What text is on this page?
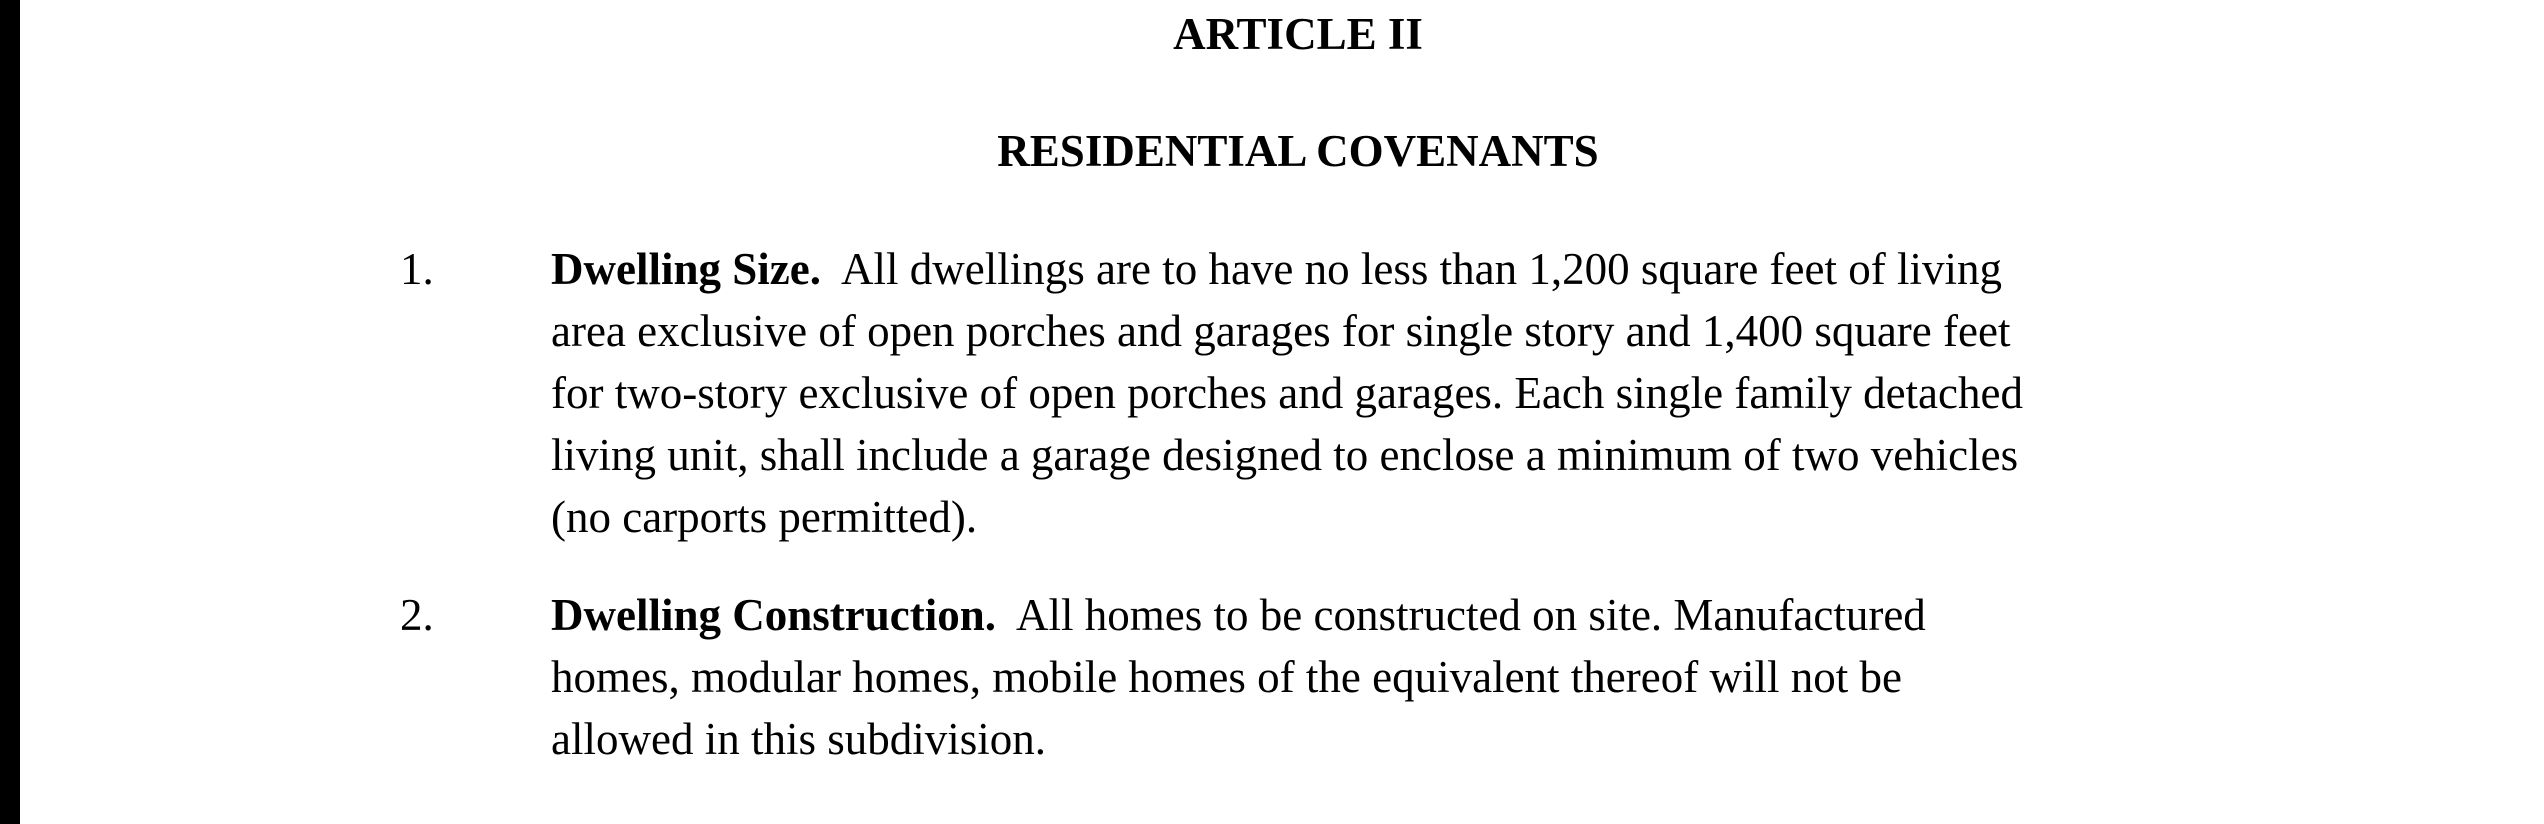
ARTICLE II
RESIDENTIAL COVENANTS
1.	Dwelling Size. All dwellings are to have no less than 1,200 square feet of living
area exclusive of open porches and garages for single story and 1,400 square feet
for two-story exclusive of open porches and garages. Each single family detached
living unit, shall include a garage designed to enclose a minimum of two vehicles
(no carports permitted).
2.	Dwelling Construction. All homes to be constructed on site. Manufactured
homes, modular homes, mobile homes of the equivalent thereof will not be
allowed in this subdivision.
